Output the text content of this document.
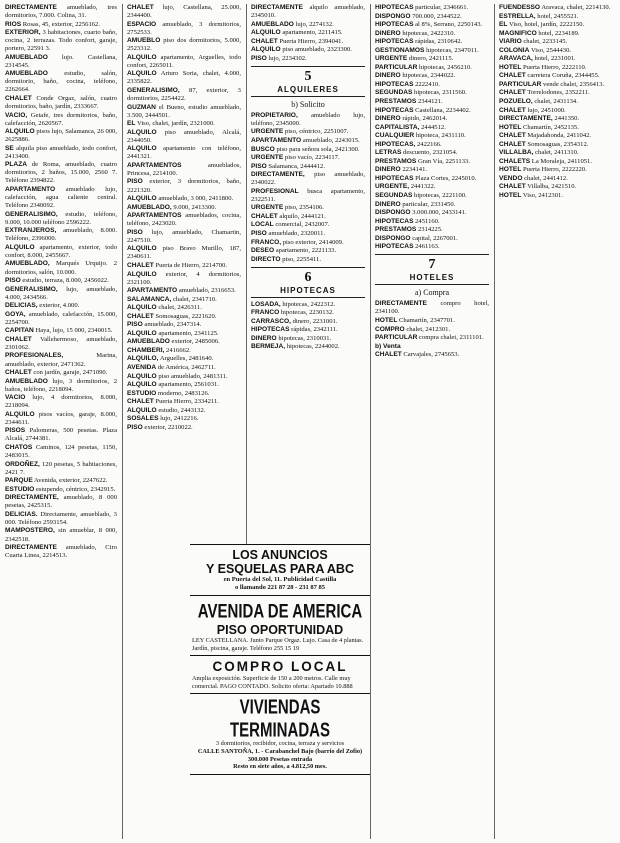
DIRECTAMENTE amueblado, tres dormitorios, 7.000. Colina, 31.
RIOS Rosas, 45, exterior, 2256162.
EXTERIOR, 3 habitaciones, cuarto baño, cocina, 2 terrazas. Todo confort, garaje, portero, 22591 3.
AMUEBLADO lujo. Castellana, 2314545.
AMUEBLADO estudio, salón, dormitorio, baño, cocina, teléfono, 2262664.
CHALET Conde Orgaz, salón, cuatro dormitorios, baño, jardín, 2333667.
VACIO, Getafe, tres dormitorios, baño, calefacción, 2620567.
ALQUILO pisos lujo, Salamanca, 26 000, 2625886.
SE alquila piso amueblado, todo confort, 2413400.
PLAZA de Roma, amueblado, cuatro dormitorios, 2 baños, 15.000, 2560 7. Teléfono 2394822.
APARTAMENTO amueblado lujo, calefacción, agua caliente central. Teléfono 2340092.
GENERALISIMO, estudio, teléfono, 9.000, 10.000 teléfono 2596222.
EXTRANJEROS, amueblado, 8.000. Teléfono, 2396000.
ALQUILO apartamento, exterior, todo confort, 8.000, 2455667.
AMUEBLADO, Marqués Urquijo. 2 dormitorios, salón, 10.000.
PISO estudio, terraza, 8.000, 2456022.
GENERALISIMO, lujo, amueblado, 4.000, 2434566.
DELICIAS, exterior, 4.000.
GOYA, amueblado, calefacción, 15.000, 2254700.
CAPITAN Haya, lujo, 15 000, 2340015.
CHALET Vallehermoso, amueblado, 2301062.
PROFESIONALES,	Marina, amueblado, exterior, 2471362.
CHALET con jardín, garaje, 2471090.
AMUEBLADO lujo, 3 dormitorios, 2 baños, teléfono, 2218094.
VACIO lujo, 4 dormitorios, 8.000, 2218094.
ALQUILO pisos vacíos, garaje, 8.000, 2344611.
PISOS Palomeras, 500 pesetas. Plaza Alcalá, 2744381.
CHATOS Caminos, 124 pesetas, 1150, 2483015.
ORDOÑEZ, 120 pesetas, 5 habitaciones, 2421 7.
PARQUE Avenida, exterior, 2247622.
ESTUDIO estupendo, céntrico, 2342915.
DIRECTAMENTE, amueblado, 8 000 pesetas, 2425315.
DELICIAS. Directamente, amueblado, 3 000. Teléfono 2593154.
MAMPOSTERO, sin amueblar, 8 000, 2342518.
DIRECTAMENTE amueblado, Ciro Cuarta Linea, 2214513.
CHALET lujo, Castellana, 25.000, 2344400.
ESPACIO amueblado, 3 dormitorios, 2752533.
AMUEBLO piso dos dormitorios, 5.000, 2523312.
ALQUILO apartamento, Arguelles, todo confort, 2265011.
ALQUILO Arturo Soria, chalet, 4.000, 2335822.
GENERALISIMO, 87, exterior, 3 dormitorios, 2254422.
GUZMAN el Bueno, estudio amueblado, 3.500, 2444501.
EL Viso, chalet, jardín, 2321000.
ALQUILO piso amueblado, Alcalá, 2344050.
ALQUILO apartamento con teléfono, 2441321.
APARTAMENTOS	amueblados, Princesa, 2214100.
PISO exterior, 3 dormitorios, baño, 2221320.
ALQUILO amueblado, 3 000, 2411800.
AMUEBLADO, 9.000, 2413300.
APARTAMENTOS amueblados, cocina, teléfono, 2423020.
PISO lujo, amueblado, Chamartin, 2247510.
ALQUILO piso Bravo Murillo, 187, 2340611.
CHALET Puerta de Hierro, 2214700.
ALQUILO exterior, 4 dormitorios, 2321100.
APARTAMENTO amueblado, 2316653.
SALAMANCA, chalet, 2341710.
ALQUILO chalet, 2426311.
CHALET Somosaguas, 2221620.
PISO amueblado, 2347314.
ALQUILO apartamento, 2341125.
AMUEBLADO exterior, 2485006.
CHAMBERI, 2416662.
ALQUILO, Arguelles, 2481640.
AVENIDA de América, 2462711.
ALQUILO piso amueblado, 2481311.
ALQUILO apartamento, 2561031.
ESTUDIO moderno, 2483126.
CHALET Puerta Hierro, 2334211.
ALQUILO estudio, 2443132.
SOSALES lujo, 2412216.
PISO exterior, 2210022.
DIRECTAMENTE alquilo amueblado, 2345010.
AMUEBLADO lujo, 2274132.
ALQUILO apartamento, 2211415.
CHALET Puerta Hierro, 2394041.
ALQUILO piso amueblado, 2323300.
PISO lujo, 2234302.
5
ALQUILERES
b) Solicito
PROPIETARIO, amueblado lujo, teléfono, 2345000.
URGENTE piso, céntrico, 2251007.
APARTAMENTO amueblado, 2243015.
BUSCO piso para señora sola, 2421300.
URGENTE piso vacío, 2234117.
PISO Salamanca, 2444412.
DIRECTAMENTE, piso amueblado, 2340022.
PROFESIONAL busca apartamento, 2322511.
URGENTE piso, 2354106.
CHALET alquilo, 2444121.
LOCAL comercial, 2432007.
PISO amueblado, 2320011.
FRANCO, piso exterior, 2414009.
DESEO apartamento, 2221133.
DIRECTO piso, 2255411.
6
HIPOTECAS
LOSADA, hipotecas, 2422312.
FRANCO hipotecas, 2230132.
CARRASCO, dinero, 2231001.
HIPOTECAS rápidas, 2342111.
DINERO hipotecas, 2310031.
BERMEJA, hipotecas, 2244002.
HIPOTECAS particular, 2346661.
DISPONGO 700.000, 2344522.
HIPOTECAS al 8%, Serrano, 2250143.
DINERO hipotecas, 2422310.
HIPOTECAS rápidas, 2310642.
GESTIONAMOS hipotecas, 2347011.
URGENTE dinero, 2421115.
PARTICULAR hipotecas, 2456210.
DINERO hipotecas, 2344022.
HIPOTECAS 2222410.
SEGUNDAS hipotecas, 2311560.
PRESTAMOS 2344121.
HIPOTECAS Castellana, 2234402.
DINERO rápido, 2462014.
CAPITALISTA, 2444512.
CUALQUIER hipoteca, 2431110.
HIPOTECAS, 2422166.
LETRAS descuento, 2321054.
PRESTAMOS Gran Vía, 2251133.
DINERO 2234141.
HIPOTECAS Plaza Cortes, 2245010.
URGENTE, 2441322.
SEGUNDAS hipotecas, 2221100.
DINERO particular, 2331450.
DISPONGO 3.000.000, 2433141.
HIPOTECAS 2451160.
PRESTAMOS 2314225.
DISPONGO capital, 2267001.
HIPOTECAS 2461163.
7
HOTELES
a) Compra
DIRECTAMENTE compro hotel, 2341100.
HOTEL Chamartín, 2347701.
COMPRO chalet, 2412301.
PARTICULAR compra chalet, 2311101.
b) Venta
CHALET Carvajales, 2745653.
FUENDESSO Aravaca, chalet, 2214130.
ESTRELLA, hotel, 2455521.
EL Viso, hotel, jardín, 2222150.
MAGNIFICO hotel, 2234189.
VIARIO chalet, 2233145.
COLONIA Viso, 2544430.
ARAVACA, hotel, 2231001.
HOTEL Puerta Hierro, 2222110.
CHALET carretera Coruña, 2344455.
PARTICULAR vende chalet, 2356413.
CHALET Torrelodones, 2352211.
POZUELO, chalet, 2431134.
CHALET lujo, 2451000.
DIRECTAMENTE, 2441350.
HOTEL Chamartín, 2452135.
CHALET Majadahonda, 2411042.
CHALET Somosaguas, 2354312.
VILLALBA, chalet, 2411310.
CHALETS La Moraleja, 2411051.
HOTEL Puerta Hierro, 2222220.
VENDO chalet, 2441412.
CHALET Villalba, 2421510.
HOTEL Viso, 2412301.
LOS ANUNCIOS
Y ESQUELAS PARA ABC
en Puerta del Sol, 11. Publicidad Castilla
o llamando 221 87 28 - 231 87 85
AVENIDA DE AMERICA
PISO OPORTUNIDAD
LEY CASTELLANA. Junto Parque Orgaz. Lujo. Casa de 4 plantas. Jardín, piscina, garaje. Teléfono 255 15 19
COMPRO LOCAL
Amplia exposición. Superficie de 150 a 200 metros. Calle muy comercial. PAGO CONTADO. Solicito oferta: Apartado 10.888
VIVIENDAS TERMINADAS
3 dormitorios, recibidor, cocina, terraza y servicios
CALLE SANTOÑA, 1. - Carabanchel Bajo (barrio del Zofio)
300.000 Pesetas entrada
Resto en siete años, a 4.812,50 mes.
